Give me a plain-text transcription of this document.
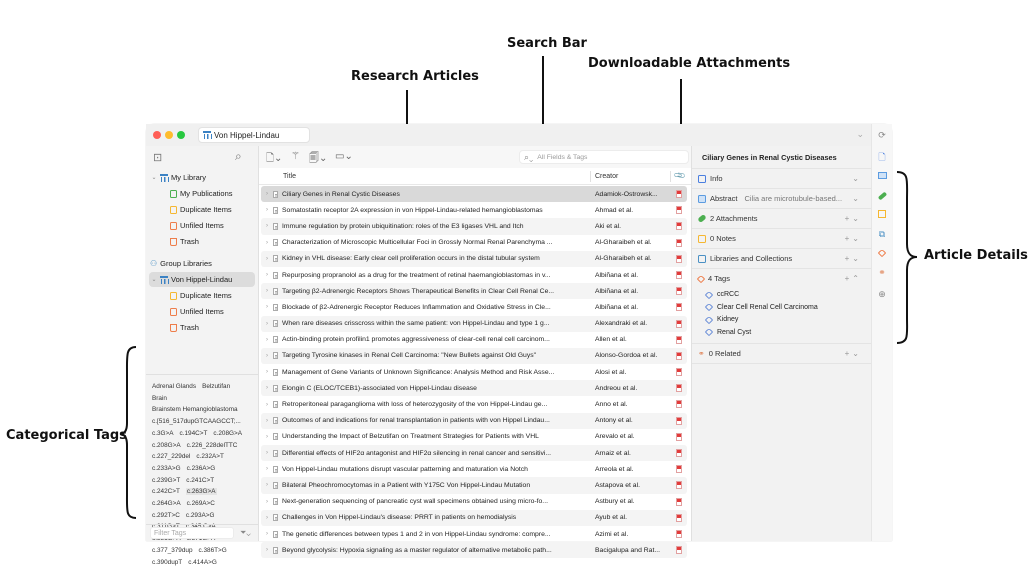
Search Bar
Research Articles
Downloadable Attachments
Article Details
Categorical Tags
Von Hippel-Lindau	⌄
⊡	⌕
⌄ My Library
My Publications
Duplicate Items
Unfiled Items
Trash
⚇ Group Libraries
⌄ Von Hippel-Lindau
Duplicate Items
Unfiled Items
Trash
Adrenal Glands Belzutifan
Brain
Brainstem Hemangioblastoma
c.[516_517dupGTCAAGCCT;...
c.3G>A c.194C>T c.208G>A
c.208G>A c.226_228delTTC
c.227_229del c.232A>T
c.233A>G c.236A>G
c.239G>T c.241C>T
c.242C>T c.263G>A
c.264G>A c.269A>C
c.292T>C c.293A>G
c.377_379dup c.386T>G
c.390dupT c.414A>G
Filter Tags	⏷⌄
🗋⌄ ⚚ 🗐⌄ ▭⌄	⌕⌄ All Fields & Tags
Title	Creator	📎
›	Ciliary Genes in Renal Cystic Diseases	Adamiok-Ostrowsk...
›	Somatostatin receptor 2A expression in von Hippel-Lindau-related hemangioblastomas	Ahmad et al.
›	Immune regulation by protein ubiquitination: roles of the E3 ligases VHL and Itch	Aki et al.
›	Characterization of Microscopic Multicellular Foci in Grossly Normal Renal Parenchyma ...	Al-Gharaibeh et al.
›	Kidney in VHL disease: Early clear cell proliferation occurs in the distal tubular system	Al-Gharaibeh et al.
›	Repurposing propranolol as a drug for the treatment of retinal haemangioblastomas in v...	Albiñana et al.
›	Targeting β2-Adrenergic Receptors Shows Therapeutical Benefits in Clear Cell Renal Ce...	Albiñana et al.
›	Blockade of β2-Adrenergic Receptor Reduces Inflammation and Oxidative Stress in Cle...	Albiñana et al.
›	When rare diseases crisscross within the same patient: von Hippel-Lindau and type 1 g...	Alexandraki et al.
›	Actin-binding protein profilin1 promotes aggressiveness of clear-cell renal cell carcinom...	Allen et al.
›	Targeting Tyrosine kinases in Renal Cell Carcinoma: "New Bullets against Old Guys"	Alonso-Gordoa et al.
›	Management of Gene Variants of Unknown Significance: Analysis Method and Risk Asse...	Alosi et al.
›	Elongin C (ELOC/TCEB1)-associated von Hippel-Lindau disease	Andreou et al.
›	Retroperitoneal paraganglioma with loss of heterozygosity of the von Hippel-Lindau ge...	Anno et al.
›	Outcomes of and indications for renal transplantation in patients with von Hippel Lindau...	Antony et al.
›	Understanding the Impact of Belzutifan on Treatment Strategies for Patients with VHL	Arevalo et al.
›	Differential effects of HIF2α antagonist and HIF2α silencing in renal cancer and sensitivi...	Arnaiz et al.
›	Von Hippel-Lindau mutations disrupt vascular patterning and maturation via Notch	Arreola et al.
›	Bilateral Pheochromocytomas in a Patient with Y175C Von Hippel-Lindau Mutation	Astapova et al.
›	Next-generation sequencing of pancreatic cyst wall specimens obtained using micro-fo...	Astbury et al.
›	Challenges in Von Hippel-Lindau's disease: PRRT in patients on hemodialysis	Ayub et al.
›	The genetic differences between types 1 and 2 in von Hippel-Lindau syndrome: compre...	Azimi et al.
›	Beyond glycolysis: Hypoxia signaling as a master regulator of alternative metabolic path...	Bacigalupa and Rat...
Ciliary Genes in Renal Cystic Diseases
Info	⌄
Abstract Cilia are microtubule-based... ⌄
2 Attachments	+⌄
0 Notes	+⌄
Libraries and Collections	+⌄
4 Tags	+⌃
ccRCC
Clear Cell Renal Cell Carcinoma
Kidney
Renal Cyst
⚭ 0 Related	+⌄
⟳
🗋
⧉
⚭
⊕
